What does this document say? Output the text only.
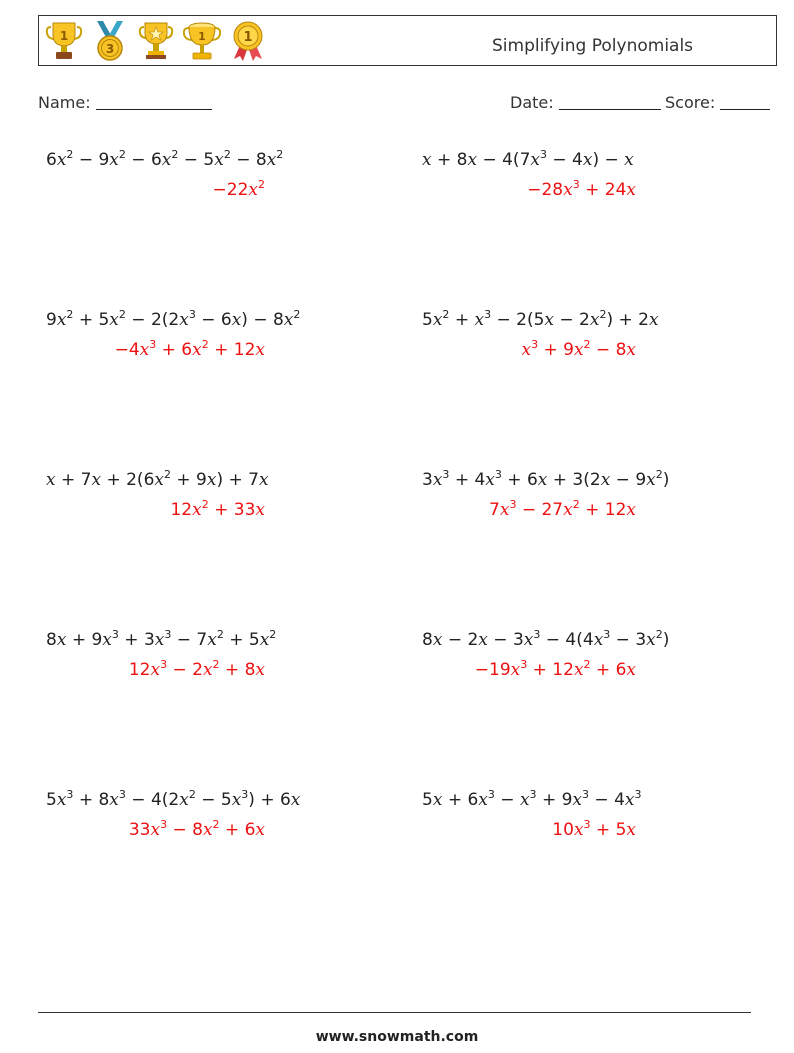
1
3
1	1	Simplifying Polynomials
Name:	Date:	Score:
$6x^2 - 9x^2 - 6x^2 - 5x^2 - 8x^2$
$-22x^2$
$x + 8x - 4(7x^3 - 4x) - x$
$-28x^3 + 24x$
$9x^2 + 5x^2 - 2(2x^3 - 6x) - 8x^2$
$-4x^3 + 6x^2 + 12x$
$5x^2 + x^3 - 2(5x - 2x^2) + 2x$
$x^3 + 9x^2 - 8x$
$x + 7x + 2(6x^2 + 9x) + 7x$
$12x^2 + 33x$
$3x^3 + 4x^3 + 6x + 3(2x - 9x^2)$
$7x^3 - 27x^2 + 12x$
$8x + 9x^3 + 3x^3 - 7x^2 + 5x^2$
$12x^3 - 2x^2 + 8x$
$8x - 2x - 3x^3 - 4(4x^3 - 3x^2)$
$-19x^3 + 12x^2 + 6x$
$5x^3 + 8x^3 - 4(2x^2 - 5x^3) + 6x$
$33x^3 - 8x^2 + 6x$
$5x + 6x^3 - x^3 + 9x^3 - 4x^3$
$10x^3 + 5x$
www.snowmath.com
